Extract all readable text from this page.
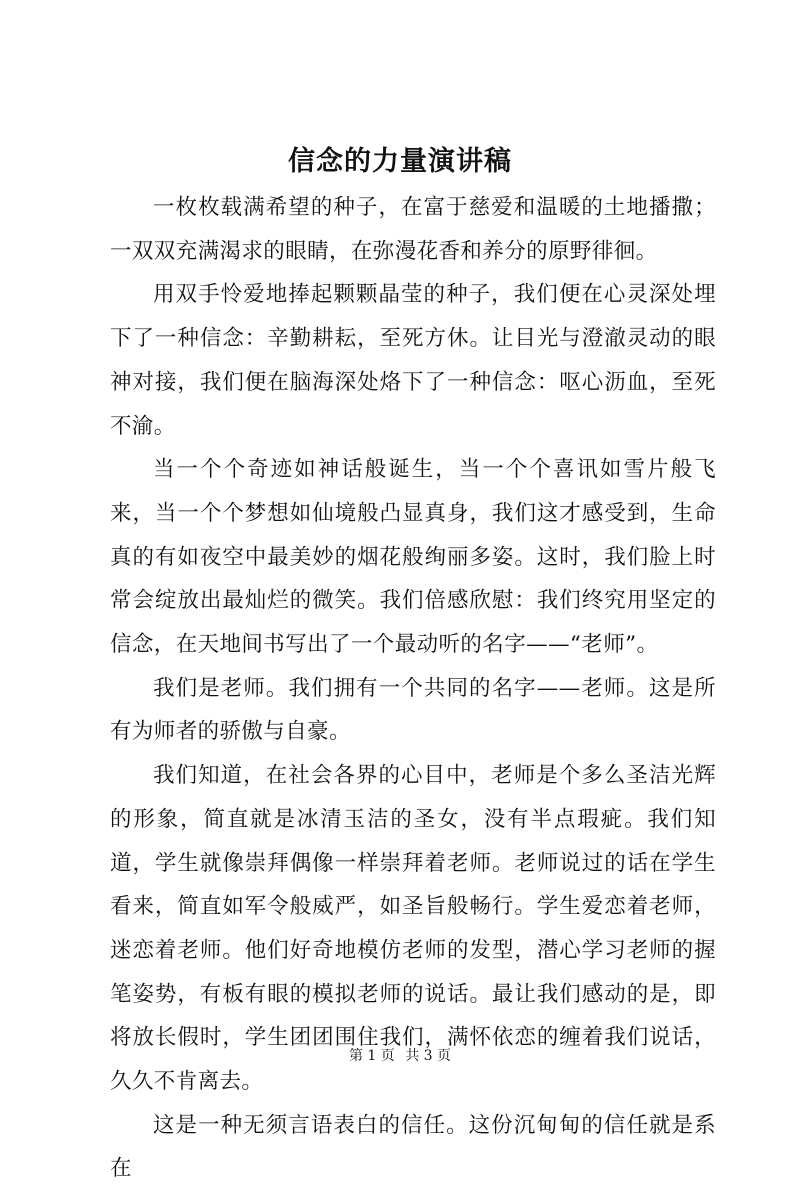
信念的力量演讲稿

一枚枚载满希望的种子，在富于慈爱和温暖的土地播撒；一双双充满渴求的眼睛，在弥漫花香和养分的原野徘徊。

用双手怜爱地捧起颗颗晶莹的种子，我们便在心灵深处埋下了一种信念：辛勤耕耘，至死方休。让目光与澄澈灵动的眼神对接，我们便在脑海深处烙下了一种信念：呕心沥血，至死不渝。

当一个个奇迹如神话般诞生，当一个个喜讯如雪片般飞来，当一个个梦想如仙境般凸显真身，我们这才感受到，生命真的有如夜空中最美妙的烟花般绚丽多姿。这时，我们脸上时常会绽放出最灿烂的微笑。我们倍感欣慰：我们终究用坚定的信念，在天地间书写出了一个最动听的名字——“老师”。

我们是老师。我们拥有一个共同的名字——老师。这是所有为师者的骄傲与自豪。

我们知道，在社会各界的心目中，老师是个多么圣洁光辉的形象，简直就是冰清玉洁的圣女，没有半点瑕疵。我们知道，学生就像崇拜偶像一样崇拜着老师。老师说过的话在学生看来，简直如军令般威严，如圣旨般畅行。学生爱恋着老师，迷恋着老师。他们好奇地模仿老师的发型，潜心学习老师的握笔姿势，有板有眼的模拟老师的说话。最让我们感动的是，即将放长假时，学生团团围住我们，满怀依恋的缠着我们说话，久久不肯离去。

这是一种无须言语表白的信任。这份沉甸甸的信任就是系在

第 1 页 共 3 页
